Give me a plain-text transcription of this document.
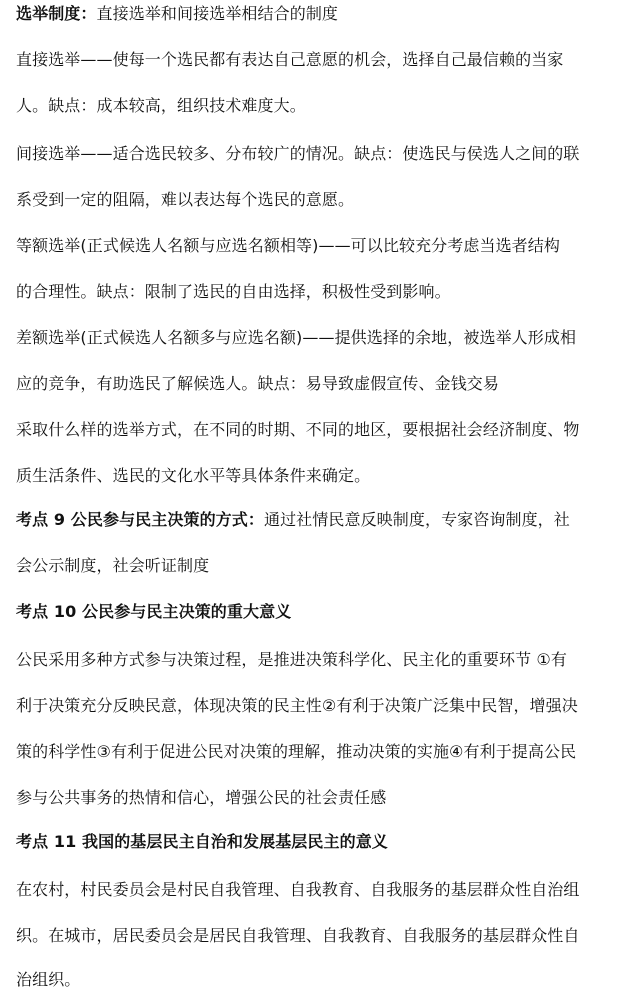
选举制度：直接选举和间接选举相结合的制度
直接选举——使每一个选民都有表达自己意愿的机会，选择自己最信赖的当家
人。缺点：成本较高，组织技术难度大。
间接选举——适合选民较多、分布较广的情况。缺点：使选民与侯选人之间的联
系受到一定的阻隔，难以表达每个选民的意愿。
等额选举(正式候选人名额与应选名额相等)——可以比较充分考虑当选者结构
的合理性。缺点：限制了选民的自由选择，积极性受到影响。
差额选举(正式候选人名额多与应选名额)——提供选择的余地，被选举人形成相
应的竞争，有助选民了解候选人。缺点：易导致虚假宣传、金钱交易
采取什么样的选举方式，在不同的时期、不同的地区，要根据社会经济制度、物
质生活条件、选民的文化水平等具体条件来确定。
考点 9 公民参与民主决策的方式：通过社情民意反映制度，专家咨询制度，社
会公示制度，社会听证制度
考点 10 公民参与民主决策的重大意义
公民采用多种方式参与决策过程，是推进决策科学化、民主化的重要环节 ①有
利于决策充分反映民意，体现决策的民主性②有利于决策广泛集中民智，增强决
策的科学性③有利于促进公民对决策的理解，推动决策的实施④有利于提高公民
参与公共事务的热情和信心，增强公民的社会责任感
考点 11 我国的基层民主自治和发展基层民主的意义
在农村，村民委员会是村民自我管理、自我教育、自我服务的基层群众性自治组
织。在城市，居民委员会是居民自我管理、自我教育、自我服务的基层群众性自
治组织。
